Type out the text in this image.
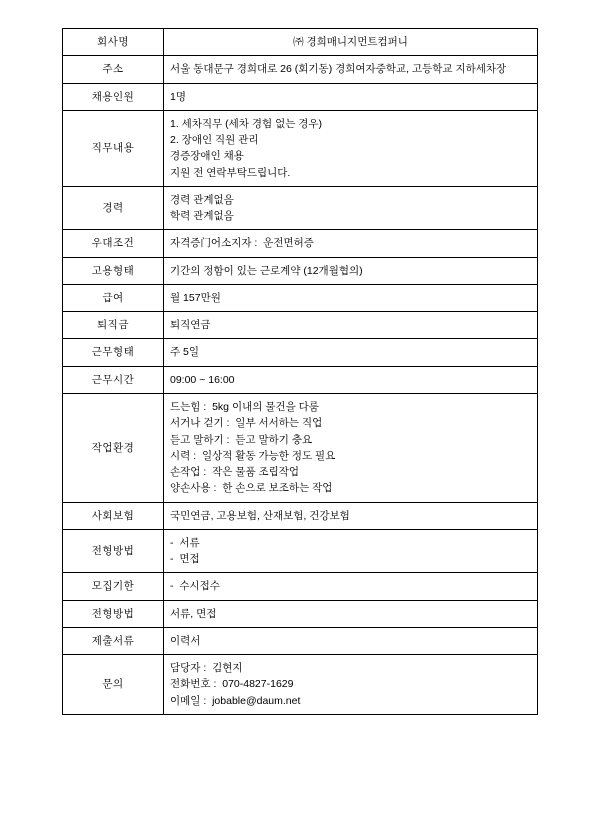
회사명	㈜ 경희매니지먼트컴퍼니

주소	서울 동대문구 경희대로 26 (회기동) 경희여자중학교, 고등학교 지하세차장

채용인원	1명

직무내용	1. 세차직무 (세차 경험 없는 경우)
2. 장애인 직원 관리
경증장애인 채용
지원 전 연락부탁드립니다.

경력	경력 관계없음
학력 관계없음

우대조건	자격증门어소지자 :  운전면허증

고용형태	기간의 정함이 있는 근로계약 (12개월협의)

급여	월 157만원

퇴직금	퇴직연금

근무형태	주 5일

근무시간	09:00 ~ 16:00

작업환경	
드는힘 :  5kg 이내의 물건을 다룸
서거나 걷기 :  일부 서서하는 직업
듣고 말하기 :  듣고 말하기 충요
시력 :  일상적 활동 가능한 정도 필요
손작업 :  작은 물품 조립작업
양손사용 :  한 손으로 보조하는 작업

사회보험	국민연금, 고용보험, 산재보험, 건강보험

전형방법	-  서류
-  면접

모집기한	-  수시접수

전형방법	서류, 면접

제출서류	이력서

문의	담당자 :  김현지
전화번호 :  070-4827-1629
이메일 :  jobable@daum.net
